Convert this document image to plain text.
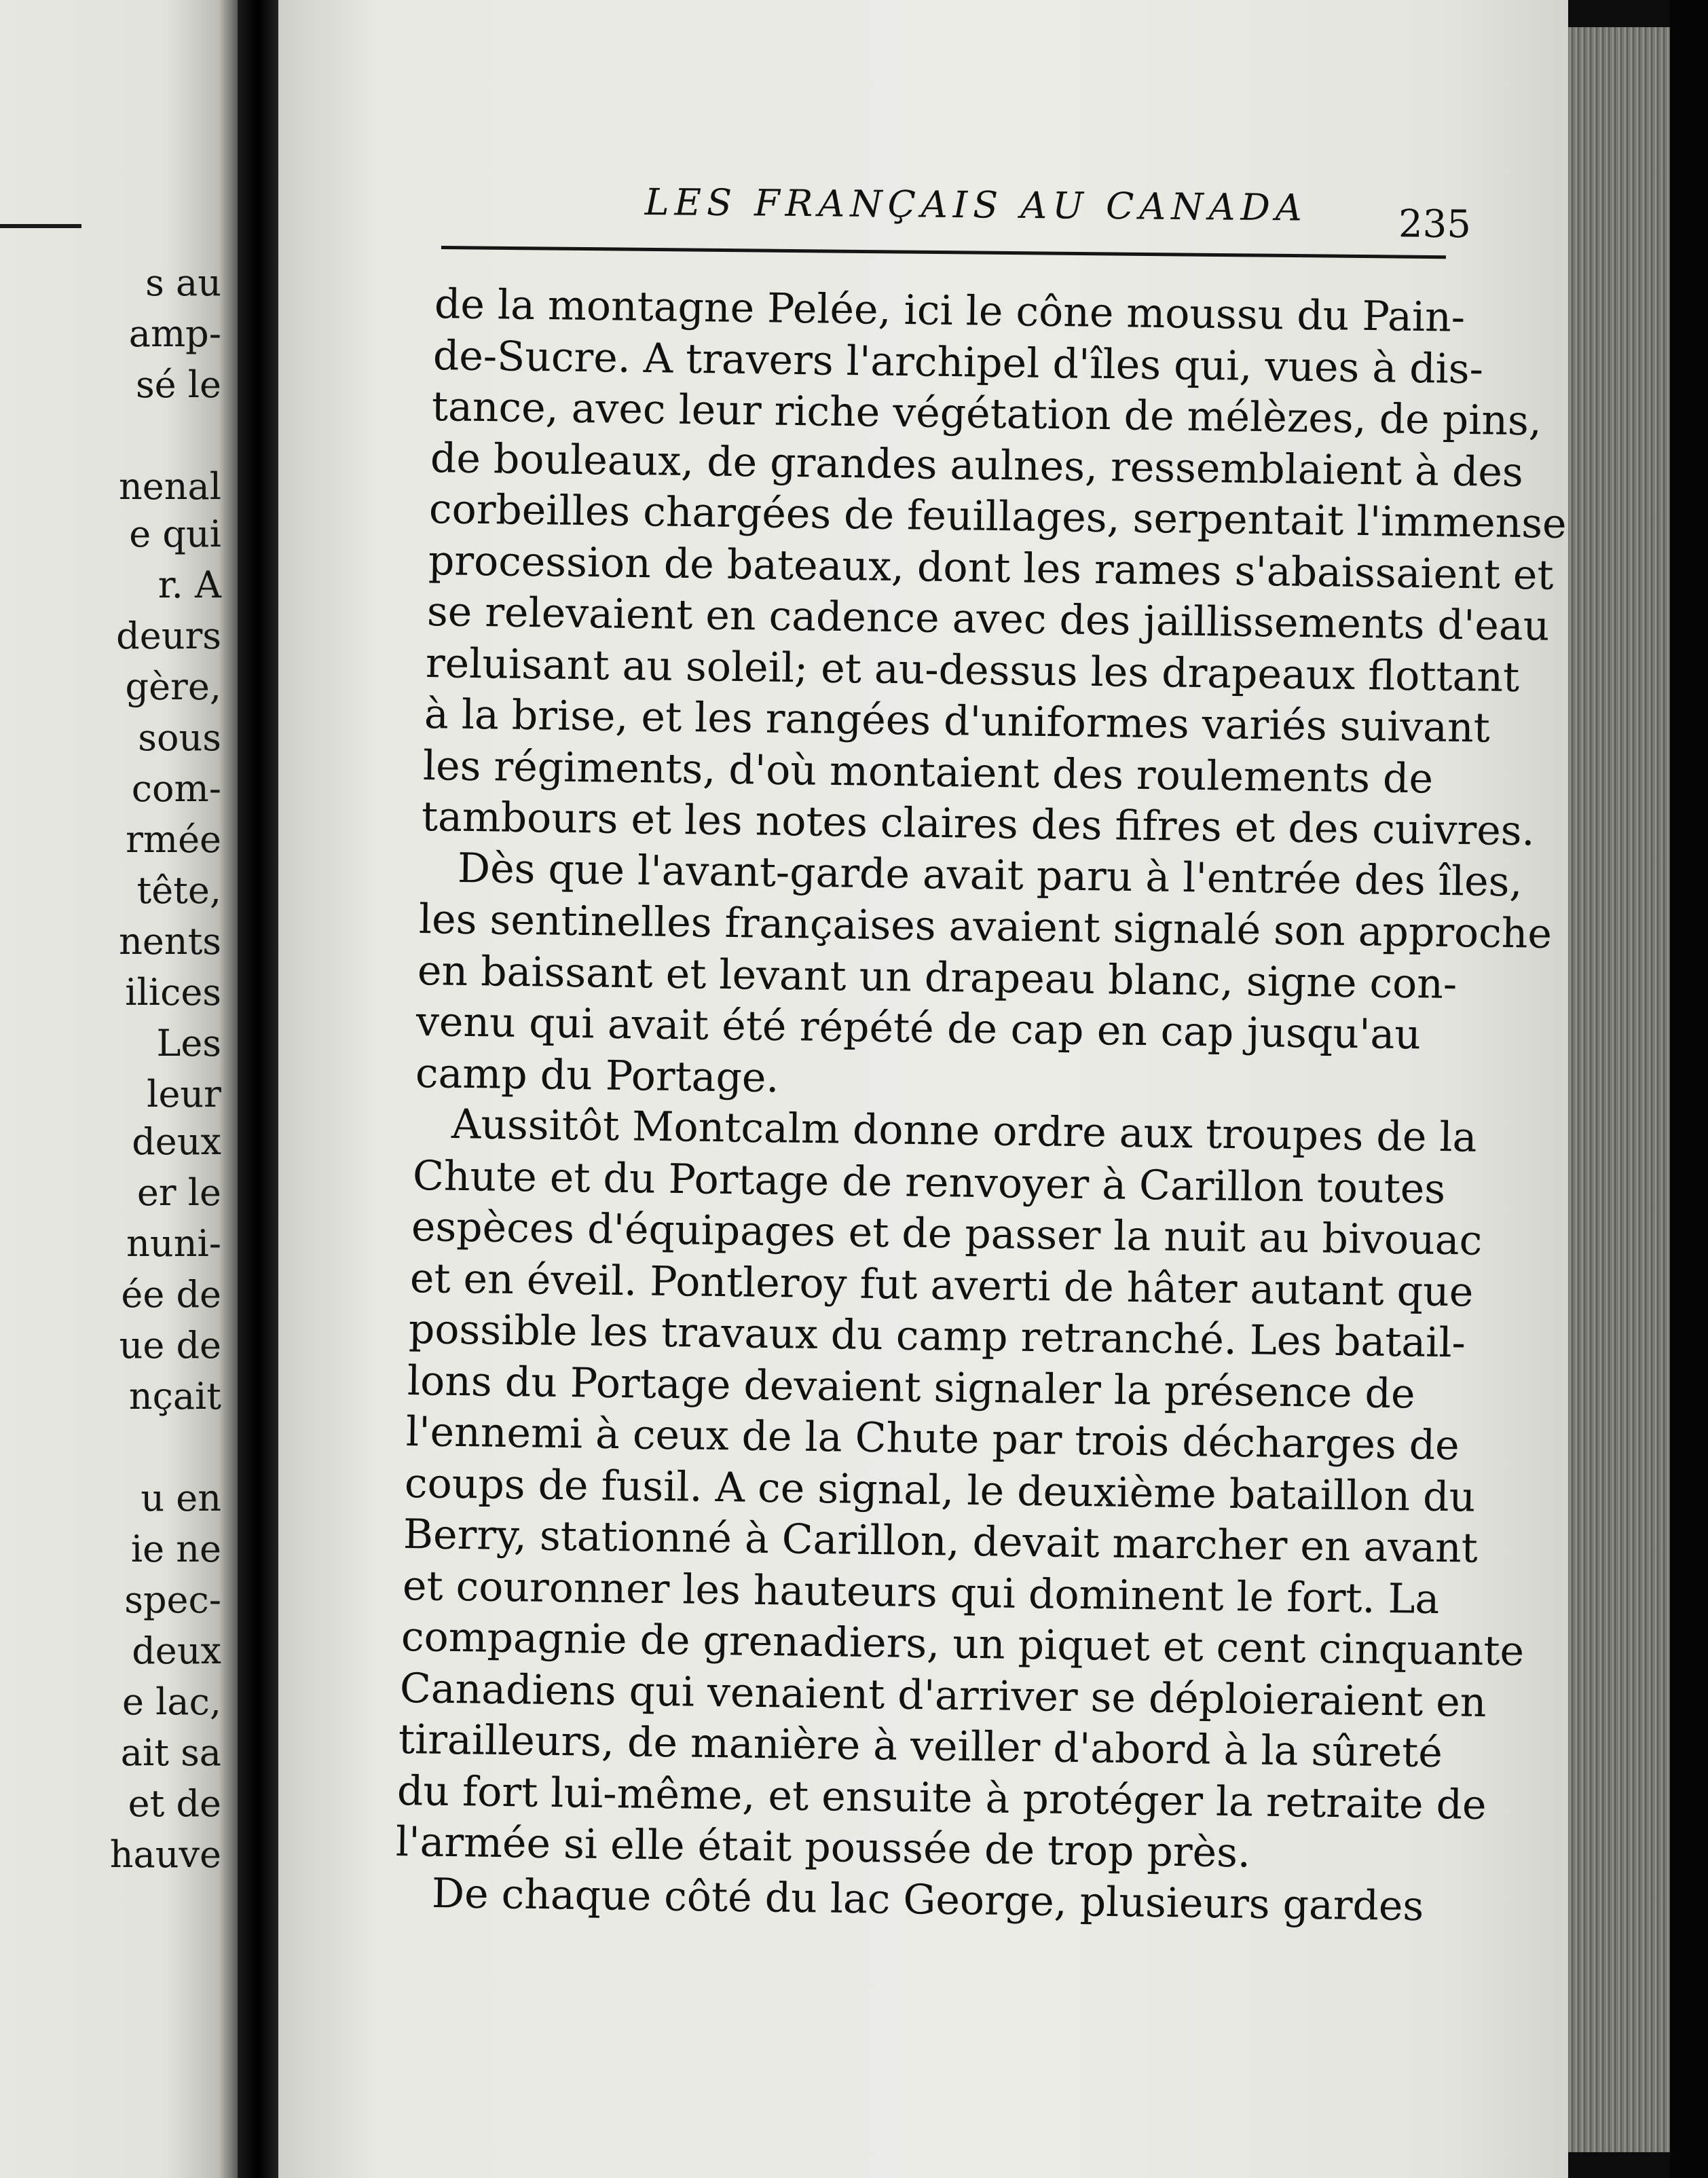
s au
amp-
sé le
nenal
e qui
r. A
deurs
gère,
sous
com-
rmée
tête,
nents
ilices
Les
leur
deux
er le
nuni-
ée de
ue de
nçait
u en
ie ne
spec-
deux
e lac,
ait sa
et de
hauve
LES FRANÇAIS AU CANADA 235
de la montagne Pelée, ici le cône moussu du Pain-
de-Sucre. A travers l'archipel d'îles qui, vues à dis-
tance, avec leur riche végétation de mélèzes, de pins,
de bouleaux, de grandes aulnes, ressemblaient à des
corbeilles chargées de feuillages, serpentait l'immense
procession de bateaux, dont les rames s'abaissaient et
se relevaient en cadence avec des jaillissements d'eau
reluisant au soleil; et au-dessus les drapeaux flottant
à la brise, et les rangées d'uniformes variés suivant
les régiments, d'où montaient des roulements de
tambours et les notes claires des fifres et des cuivres.
Dès que l'avant-garde avait paru à l'entrée des îles,
les sentinelles françaises avaient signalé son approche
en baissant et levant un drapeau blanc, signe con-
venu qui avait été répété de cap en cap jusqu'au
camp du Portage.
Aussitôt Montcalm donne ordre aux troupes de la
Chute et du Portage de renvoyer à Carillon toutes
espèces d'équipages et de passer la nuit au bivouac
et en éveil. Pontleroy fut averti de hâter autant que
possible les travaux du camp retranché. Les batail-
lons du Portage devaient signaler la présence de
l'ennemi à ceux de la Chute par trois décharges de
coups de fusil. A ce signal, le deuxième bataillon du
Berry, stationné à Carillon, devait marcher en avant
et couronner les hauteurs qui dominent le fort. La
compagnie de grenadiers, un piquet et cent cinquante
Canadiens qui venaient d'arriver se déploieraient en
tirailleurs, de manière à veiller d'abord à la sûreté
du fort lui-même, et ensuite à protéger la retraite de
l'armée si elle était poussée de trop près.
De chaque côté du lac George, plusieurs gardes
